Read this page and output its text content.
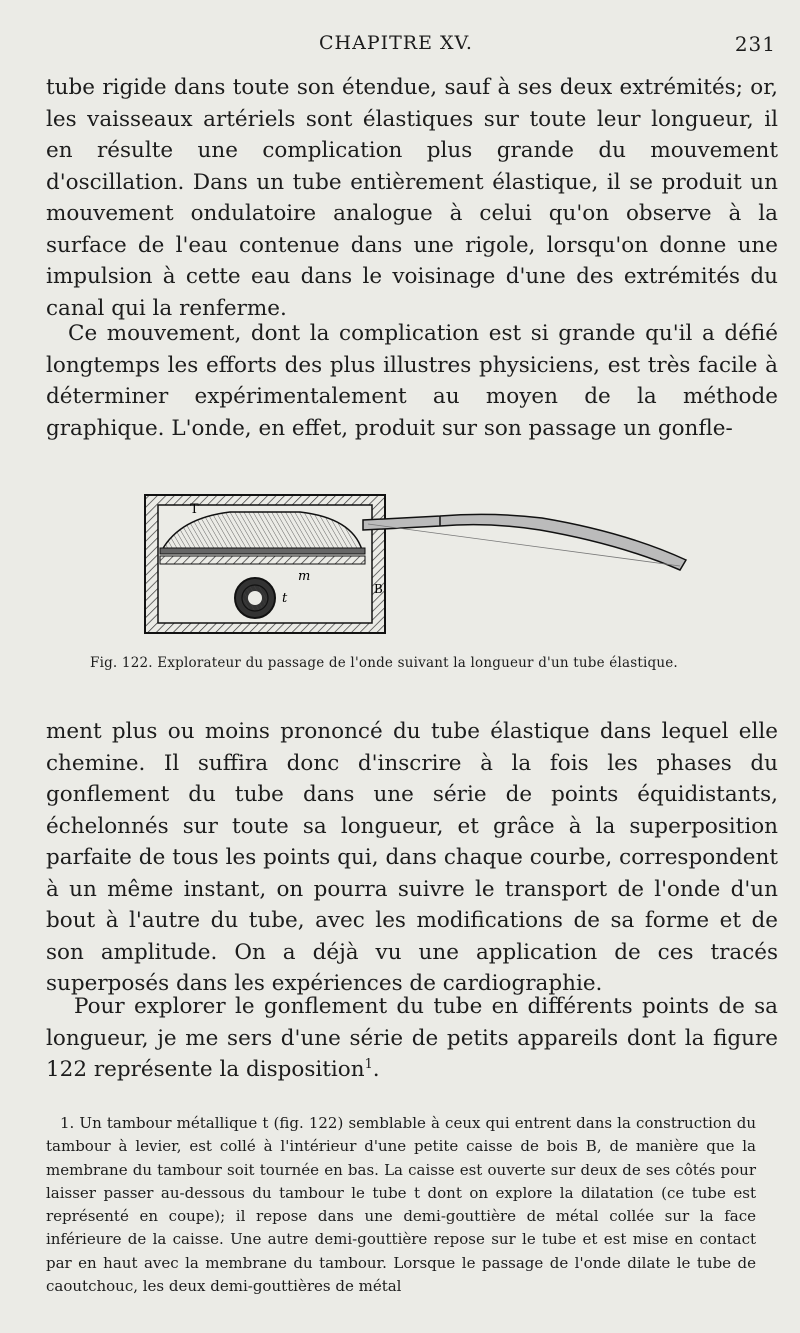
CHAPITRE XV.	231

tube rigide dans toute son étendue, sauf à ses deux extrémités; or, les vaisseaux artériels sont élastiques sur toute leur longueur, il en résulte une complication plus grande du mouvement d'oscillation. Dans un tube entièrement élastique, il se produit un mouvement ondulatoire analogue à celui qu'on observe à la surface de l'eau contenue dans une rigole, lorsqu'on donne une impulsion à cette eau dans le voisinage d'une des extrémités du canal qui la renferme.

Ce mouvement, dont la complication est si grande qu'il a défié longtemps les efforts des plus illustres physiciens, est très facile à déterminer expérimentalement au moyen de la méthode graphique. L'onde, en effet, produit sur son passage un gonfle-

T
m
t
B
Fig. 122. Explorateur du passage de l'onde suivant la longueur d'un tube élastique.

ment plus ou moins prononcé du tube élastique dans lequel elle chemine. Il suffira donc d'inscrire à la fois les phases du gonflement du tube dans une série de points équidistants, échelonnés sur toute sa longueur, et grâce à la superposition parfaite de tous les points qui, dans chaque courbe, correspondent à un même instant, on pourra suivre le transport de l'onde d'un bout à l'autre du tube, avec les modifications de sa forme et de son amplitude. On a déjà vu une application de ces tracés superposés dans les expériences de cardiographie.

Pour explorer le gonflement du tube en différents points de sa longueur, je me sers d'une série de petits appareils dont la figure 122 représente la disposition$^1$.

1. Un tambour métallique t (fig. 122) semblable à ceux qui entrent dans la construction du tambour à levier, est collé à l'intérieur d'une petite caisse de bois B, de manière que la membrane du tambour soit tournée en bas. La caisse est ouverte sur deux de ses côtés pour laisser passer au-dessous du tambour le tube t dont on explore la dilatation (ce tube est représenté en coupe); il repose dans une demi-gouttière de métal collée sur la face inférieure de la caisse. Une autre demi-gouttière repose sur le tube et est mise en contact par en haut avec la membrane du tambour. Lorsque le passage de l'onde dilate le tube de caoutchouc, les deux demi-gouttières de métal
